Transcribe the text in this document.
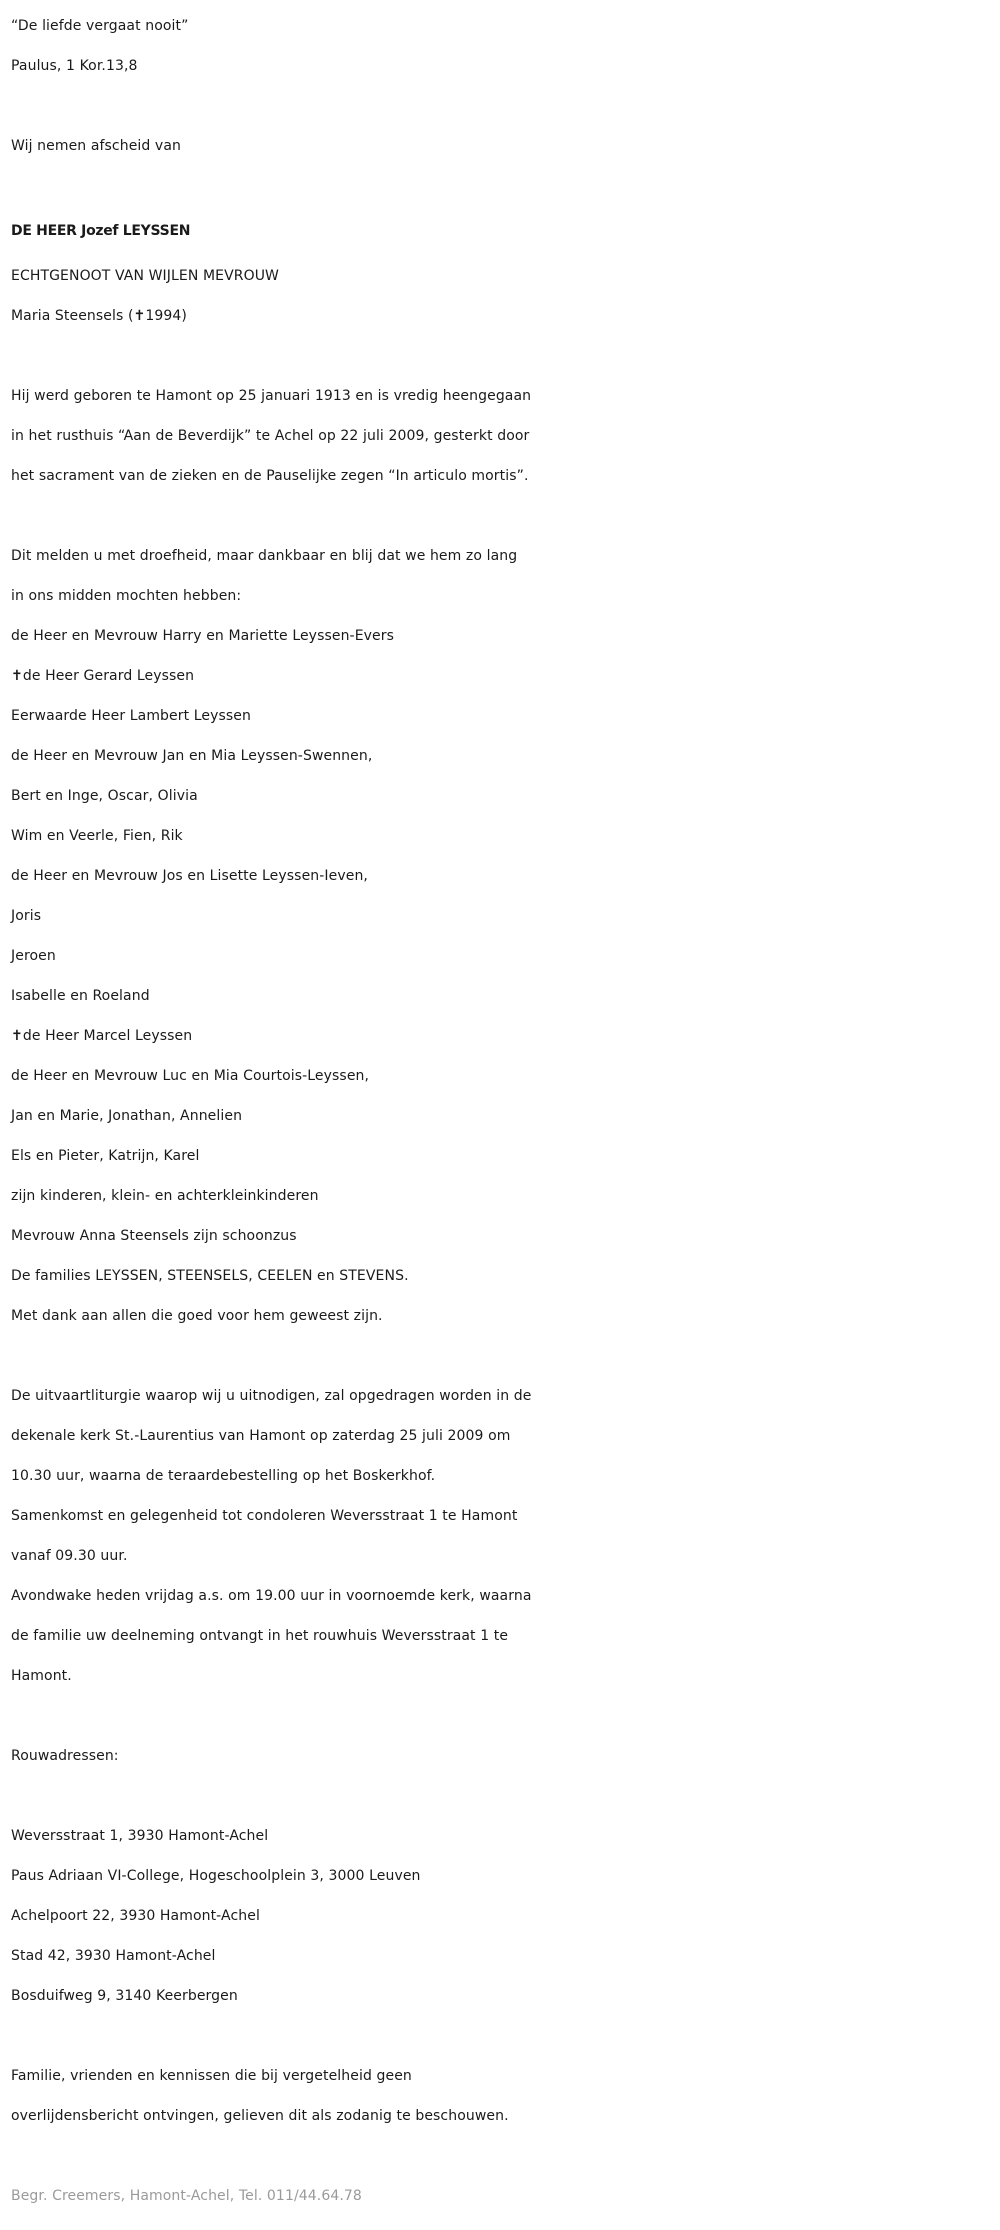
“De liefde vergaat nooit”
Paulus, 1 Kor.13,8
Wij nemen afscheid van
DE HEER Jozef LEYSSEN
ECHTGENOOT VAN WIJLEN MEVROUW
Maria Steensels (✝1994)
Hij werd geboren te Hamont op 25 januari 1913 en is vredig heengegaan
in het rusthuis “Aan de Beverdijk” te Achel op 22 juli 2009, gesterkt door
het sacrament van de zieken en de Pauselijke zegen “In articulo mortis”.
Dit melden u met droefheid, maar dankbaar en blij dat we hem zo lang
in ons midden mochten hebben:
de Heer en Mevrouw Harry en Mariette Leyssen-Evers
✝de Heer Gerard Leyssen
Eerwaarde Heer Lambert Leyssen
de Heer en Mevrouw Jan en Mia Leyssen-Swennen,
Bert en Inge, Oscar, Olivia
Wim en Veerle, Fien, Rik
de Heer en Mevrouw Jos en Lisette Leyssen-Ieven,
Joris
Jeroen
Isabelle en Roeland
✝de Heer Marcel Leyssen
de Heer en Mevrouw Luc en Mia Courtois-Leyssen,
Jan en Marie, Jonathan, Annelien
Els en Pieter, Katrijn, Karel
zijn kinderen, klein- en achterkleinkinderen
Mevrouw Anna Steensels zijn schoonzus
De families LEYSSEN, STEENSELS, CEELEN en STEVENS.
Met dank aan allen die goed voor hem geweest zijn.
De uitvaartliturgie waarop wij u uitnodigen, zal opgedragen worden in de
dekenale kerk St.-Laurentius van Hamont op zaterdag 25 juli 2009 om
10.30 uur, waarna de teraardebestelling op het Boskerkhof.
Samenkomst en gelegenheid tot condoleren Weversstraat 1 te Hamont
vanaf 09.30 uur.
Avondwake heden vrijdag a.s. om 19.00 uur in voornoemde kerk, waarna
de familie uw deelneming ontvangt in het rouwhuis Weversstraat 1 te
Hamont.
Rouwadressen:
Weversstraat 1, 3930 Hamont-Achel
Paus Adriaan VI-College, Hogeschoolplein 3, 3000 Leuven
Achelpoort 22, 3930 Hamont-Achel
Stad 42, 3930 Hamont-Achel
Bosduifweg 9, 3140 Keerbergen
Familie, vrienden en kennissen die bij vergetelheid geen
overlijdensbericht ontvingen, gelieven dit als zodanig te beschouwen.
Begr. Creemers, Hamont-Achel, Tel. 011/44.64.78
